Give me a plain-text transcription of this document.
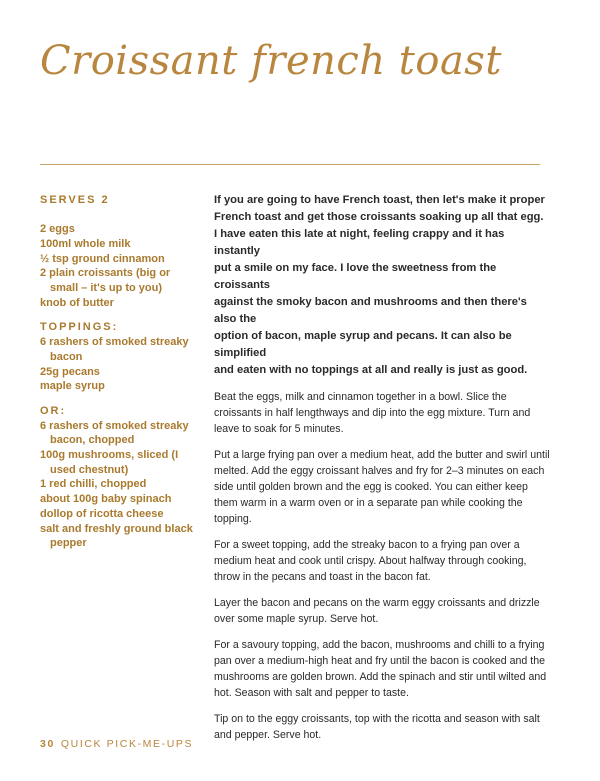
Croissant french toast

SERVES 2

2 eggs

100ml whole milk

½ tsp ground cinnamon

2 plain croissants (big or small – it's up to you)

knob of butter

TOPPINGS:

6 rashers of smoked streaky bacon

25g pecans

maple syrup

OR:

6 rashers of smoked streaky bacon, chopped

100g mushrooms, sliced (I used chestnut)

1 red chilli, chopped

about 100g baby spinach

dollop of ricotta cheese

salt and freshly ground black pepper

If you are going to have French toast, then let's make it proper
French toast and get those croissants soaking up all that egg.
I have eaten this late at night, feeling crappy and it has instantly
put a smile on my face. I love the sweetness from the croissants
against the smoky bacon and mushrooms and then there's also the
option of bacon, maple syrup and pecans. It can also be simplified
and eaten with no toppings at all and really is just as good.

Beat the eggs, milk and cinnamon together in a bowl. Slice the croissants in half lengthways and dip into the egg mixture. Turn and leave to soak for 5 minutes.

Put a large frying pan over a medium heat, add the butter and swirl until melted. Add the eggy croissant halves and fry for 2–3 minutes on each side until golden brown and the egg is cooked. You can either keep them warm in a warm oven or in a separate pan while cooking the topping.

For a sweet topping, add the streaky bacon to a frying pan over a medium heat and cook until crispy. About halfway through cooking, throw in the pecans and toast in the bacon fat.

Layer the bacon and pecans on the warm eggy croissants and drizzle over some maple syrup. Serve hot.

For a savoury topping, add the bacon, mushrooms and chilli to a frying pan over a medium-high heat and fry until the bacon is cooked and the mushrooms are golden brown. Add the spinach and stir until wilted and hot. Season with salt and pepper to taste.

Tip on to the eggy croissants, top with the ricotta and season with salt and pepper. Serve hot.

30 QUICK PICK-ME-UPS
